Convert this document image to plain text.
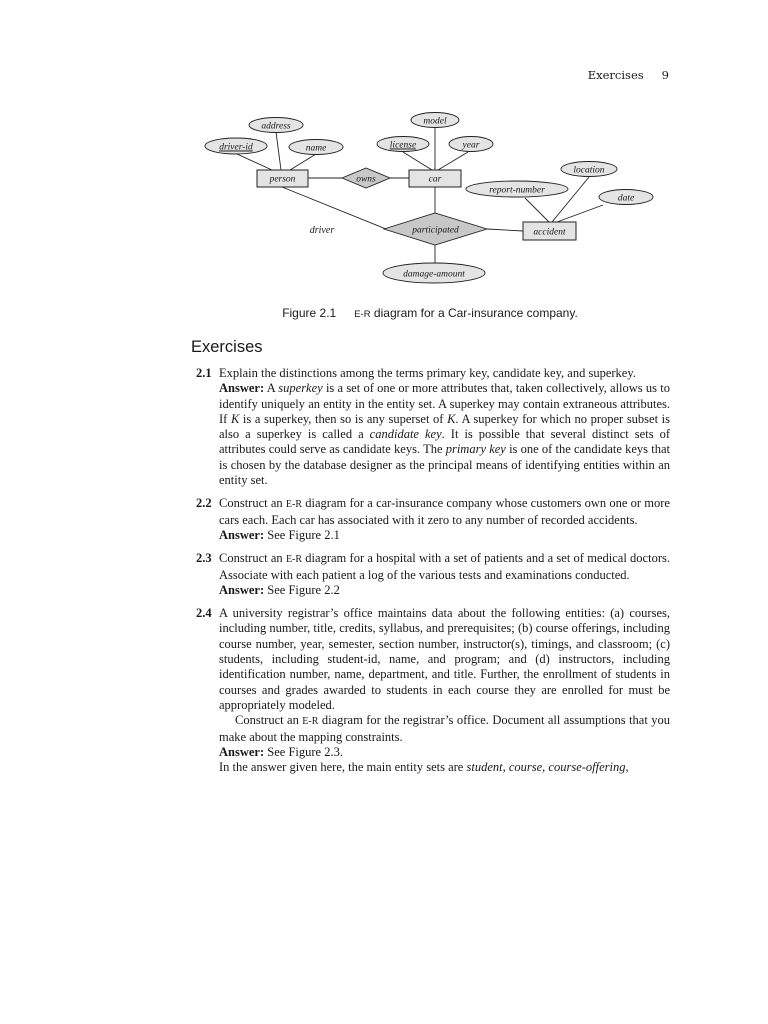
Exercises 9
address
driver-id	name
model
license	year
location
report-number
date
damage-amount
person	car
accident
owns
participated
driver
Figure 2.1 E-R diagram for a Car-insurance company.
Exercises
2.1 Explain the distinctions among the terms primary key, candidate key, and superkey.

Answer: A superkey is a set of one or more attributes that, taken collectively, allows us to identify uniquely an entity in the entity set. A superkey may contain extraneous attributes. If K is a superkey, then so is any superset of K. A superkey for which no proper subset is also a superkey is called a candidate key. It is possible that several distinct sets of attributes could serve as candidate keys. The primary key is one of the candidate keys that is chosen by the database designer as the principal means of identifying entities within an entity set.

2.2 Construct an E-R diagram for a car-insurance company whose customers own one or more cars each. Each car has associated with it zero to any number of recorded accidents.

Answer: See Figure 2.1

2.3 Construct an E-R diagram for a hospital with a set of patients and a set of medical doctors. Associate with each patient a log of the various tests and examinations conducted.

Answer: See Figure 2.2

2.4 A university registrar’s office maintains data about the following entities: (a) courses, including number, title, credits, syllabus, and prerequisites; (b) course offerings, including course number, year, semester, section number, instructor(s), timings, and classroom; (c) students, including student-id, name, and program; and (d) instructors, including identification number, name, department, and title. Further, the enrollment of students in courses and grades awarded to students in each course they are enrolled for must be appropriately modeled.

Construct an E-R diagram for the registrar’s office. Document all assumptions that you make about the mapping constraints.

Answer: See Figure 2.3.

In the answer given here, the main entity sets are student, course, course-offering,
